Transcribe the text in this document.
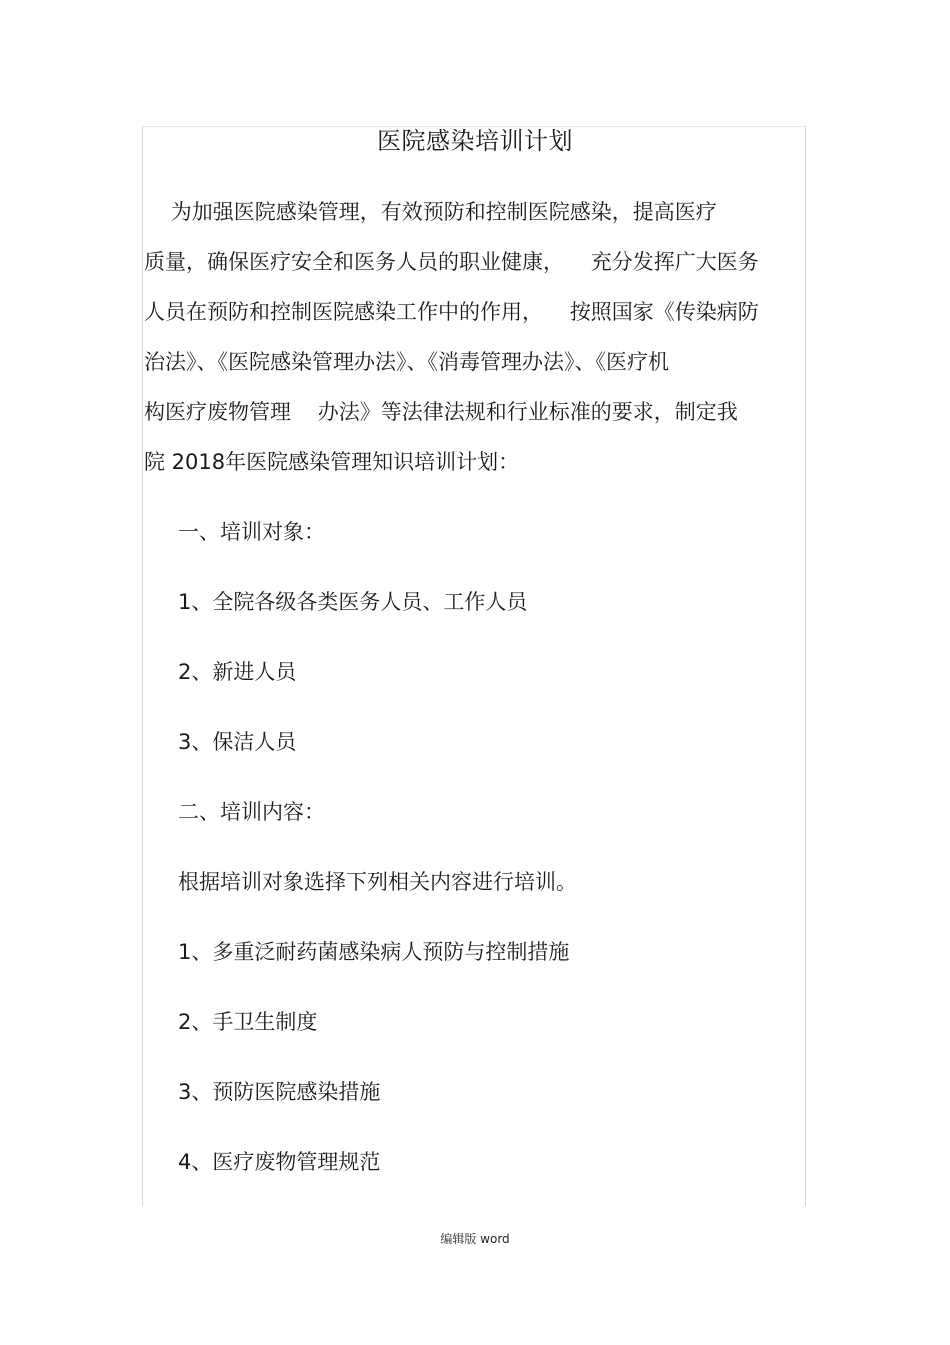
医院感染培训计划
为加强医院感染管理，有效预防和控制医院感染，提高医疗
质量，确保医疗安全和医务人员的职业健康，    充分发挥广大医务
人员在预防和控制医院感染工作中的作用，    按照国家《传染病防
治法》、《医院感染管理办法》、《消毒管理办法》、《医疗机
构医疗废物管理    办法》等法律法规和行业标准的要求，制定我
院 2018年医院感染管理知识培训计划：
一、培训对象：
1、全院各级各类医务人员、工作人员
2、新进人员
3、保洁人员
二、培训内容：
根据培训对象选择下列相关内容进行培训。
1、多重泛耐药菌感染病人预防与控制措施
2、手卫生制度
3、预防医院感染措施
4、医疗废物管理规范
编辑版 word
